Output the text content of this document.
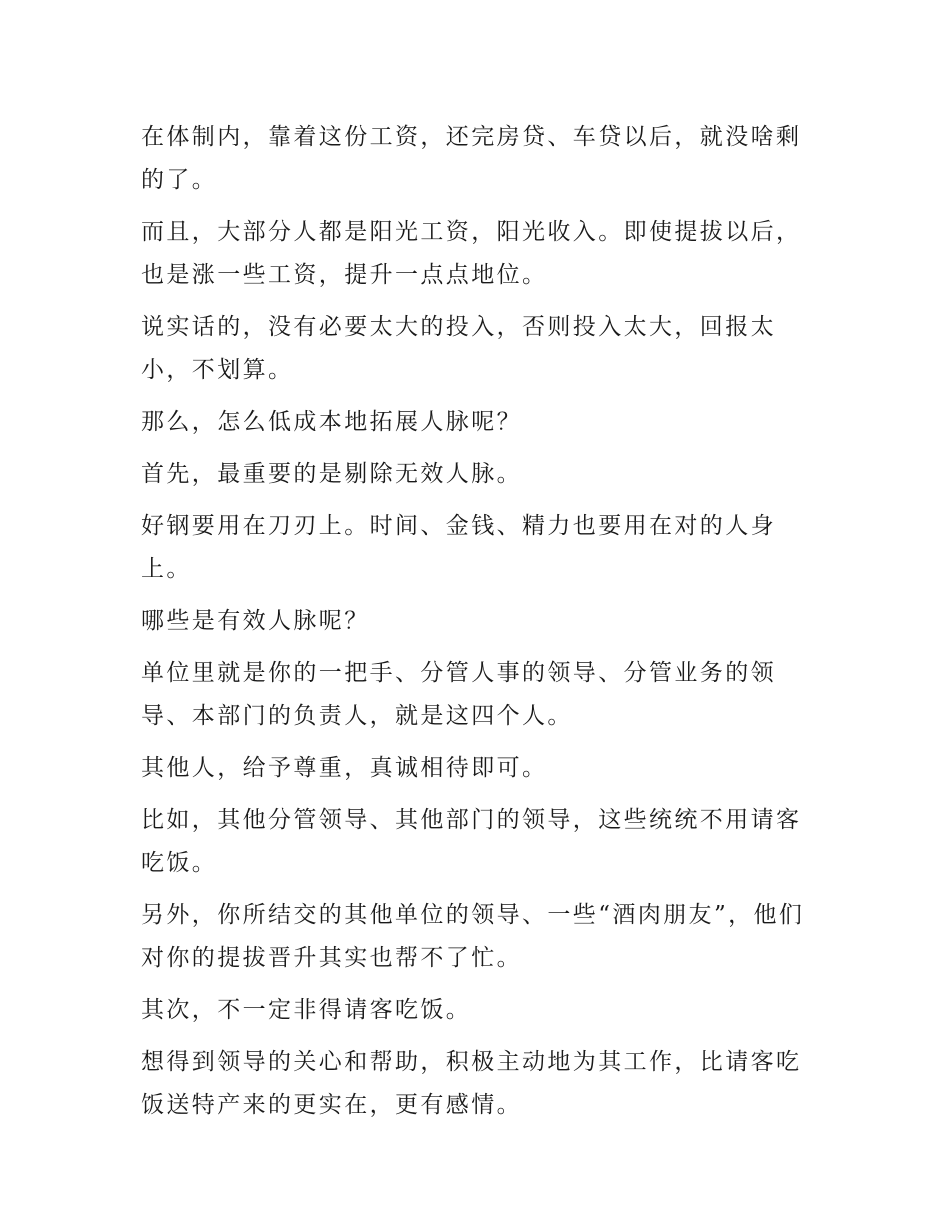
在体制内，靠着这份工资，还完房贷、车贷以后，就没啥剩的了。

而且，大部分人都是阳光工资，阳光收入。即使提拔以后，也是涨一些工资，提升一点点地位。

说实话的，没有必要太大的投入，否则投入太大，回报太小，不划算。

那么，怎么低成本地拓展人脉呢？

首先，最重要的是剔除无效人脉。

好钢要用在刀刃上。时间、金钱、精力也要用在对的人身上。

哪些是有效人脉呢？

单位里就是你的一把手、分管人事的领导、分管业务的领导、本部门的负责人，就是这四个人。

其他人，给予尊重，真诚相待即可。

比如，其他分管领导、其他部门的领导，这些统统不用请客吃饭。

另外，你所结交的其他单位的领导、一些“酒肉朋友”，他们对你的提拔晋升其实也帮不了忙。

其次，不一定非得请客吃饭。

想得到领导的关心和帮助，积极主动地为其工作，比请客吃饭送特产来的更实在，更有感情。
